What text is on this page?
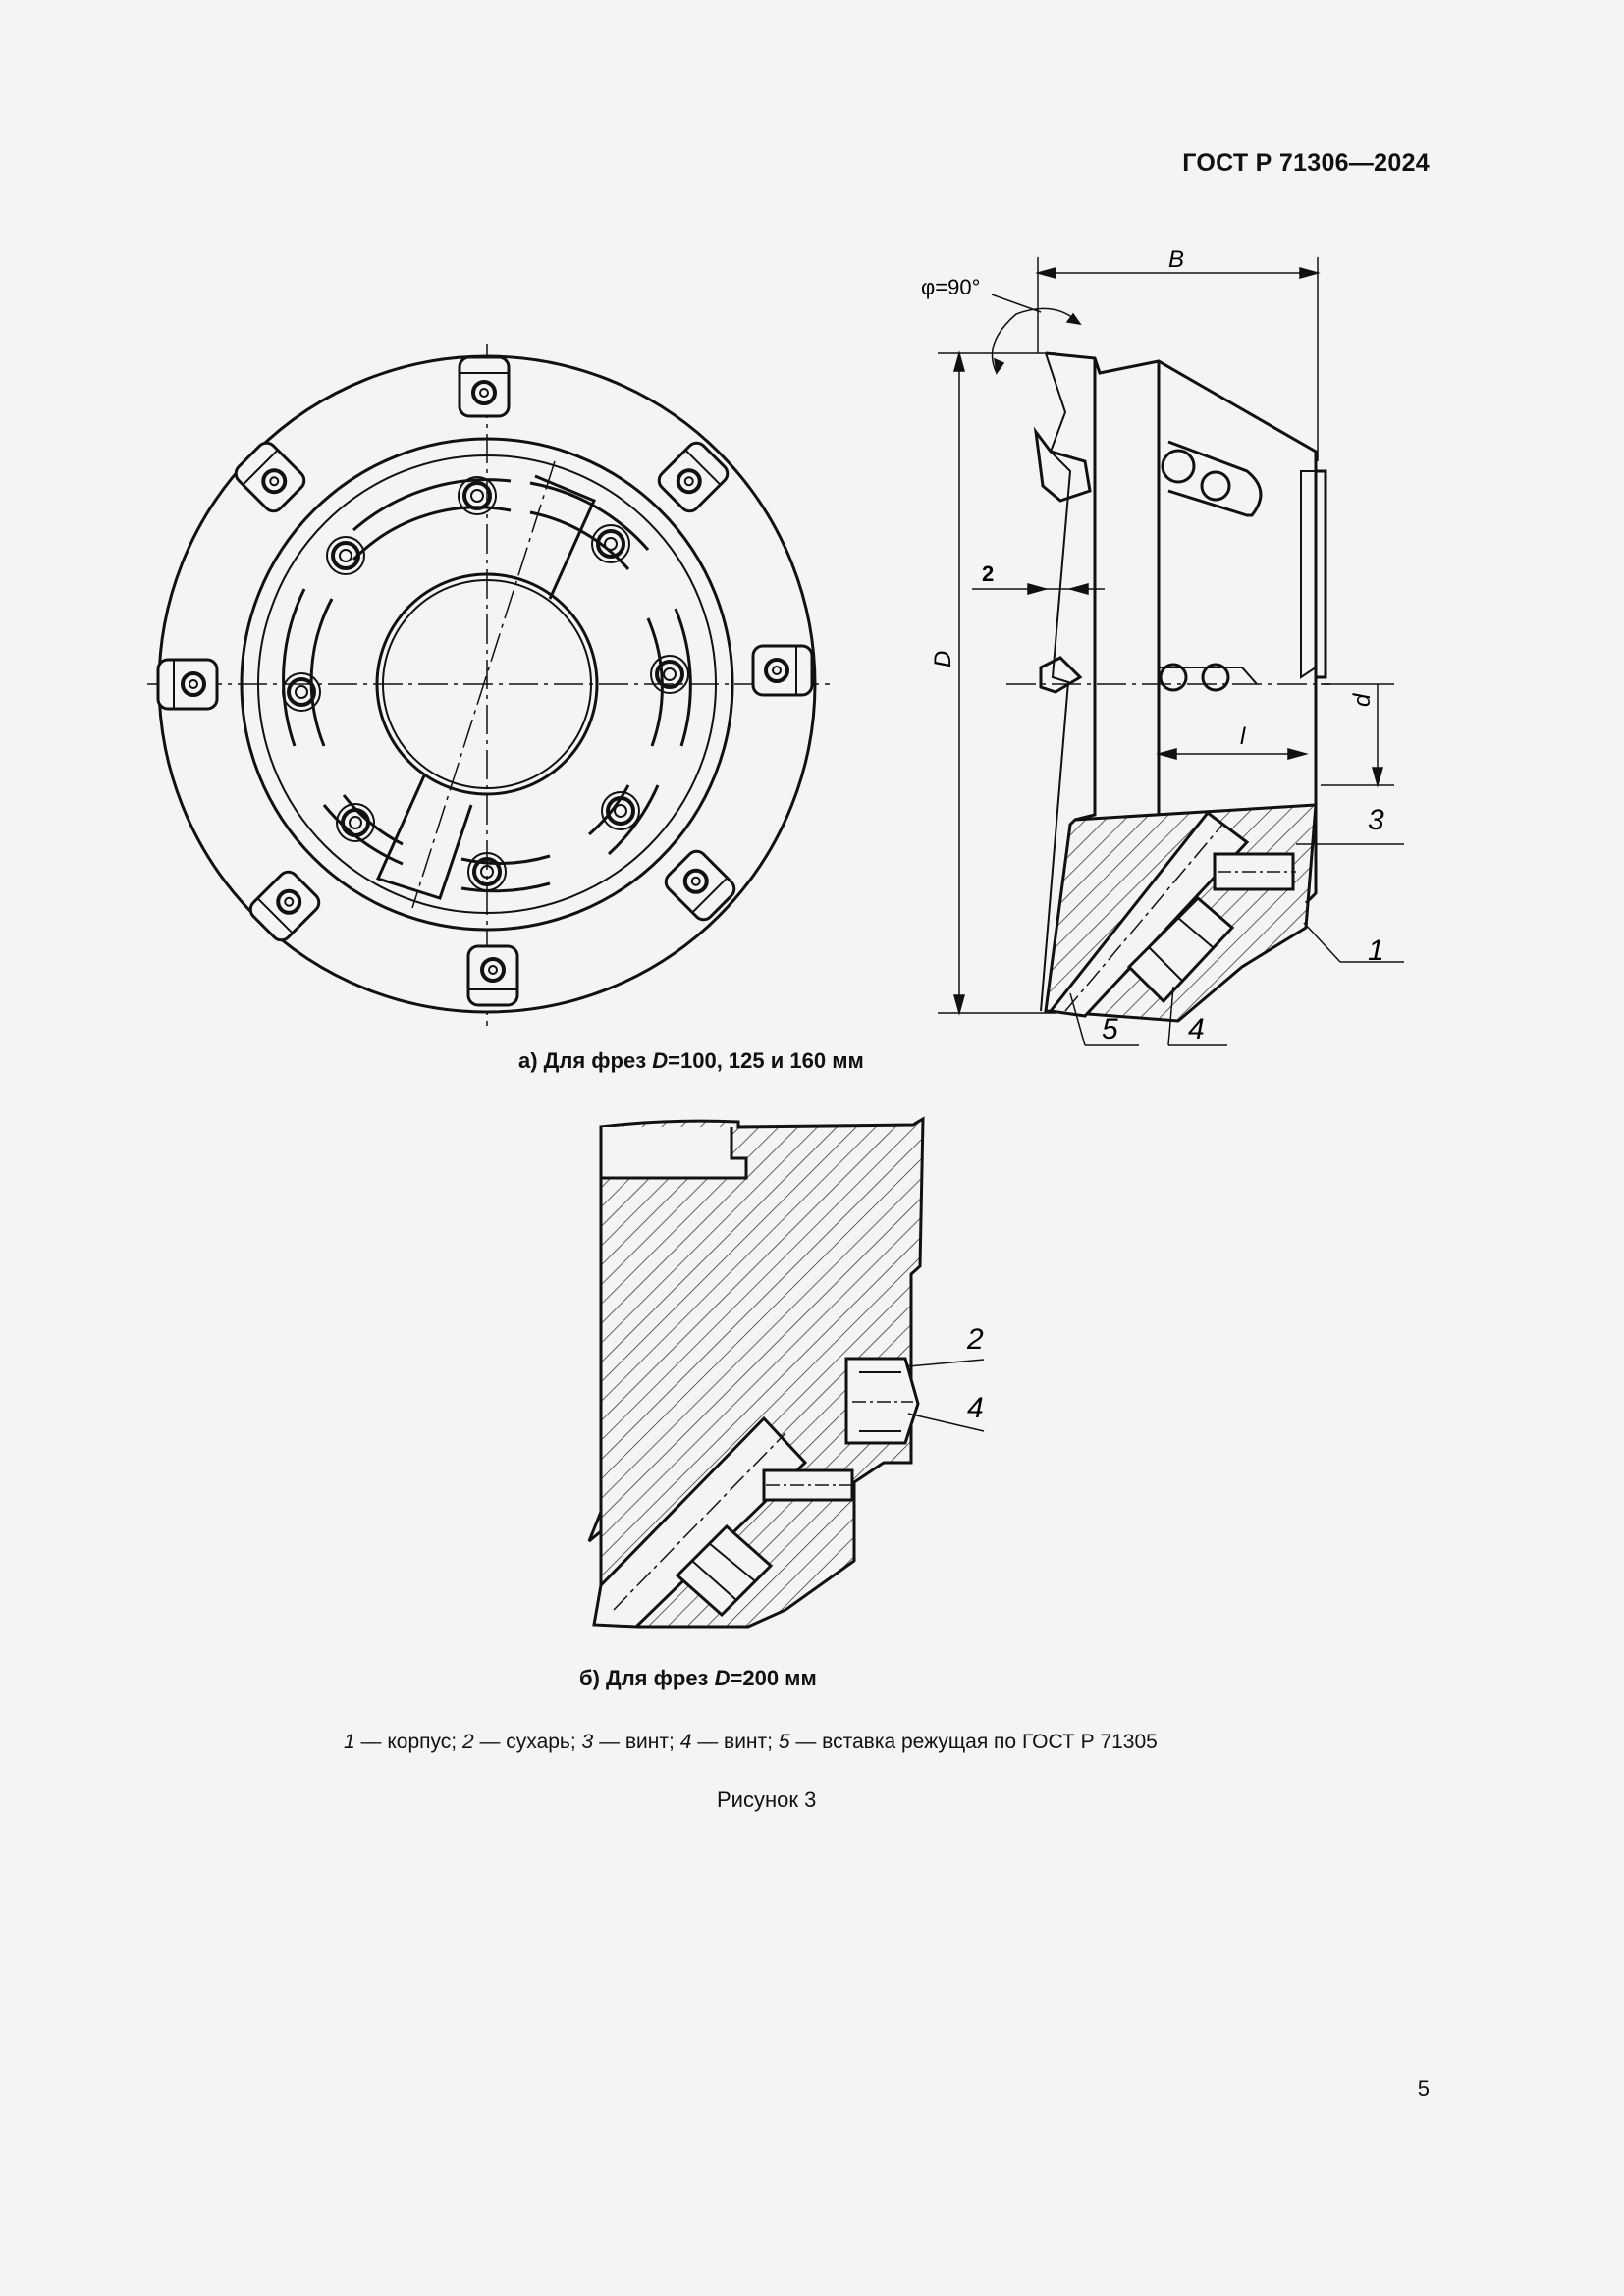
ГОСТ Р 71306—2024
B
φ=90°
D
2
l
d
3
1
5 4
2
4
а) Для фрез D=100, 125 и 160 мм
б) Для фрез D=200 мм
1 — корпус; 2 — сухарь; 3 — винт; 4 — винт; 5 — вставка режущая по ГОСТ Р 71305
Рисунок 3
5
